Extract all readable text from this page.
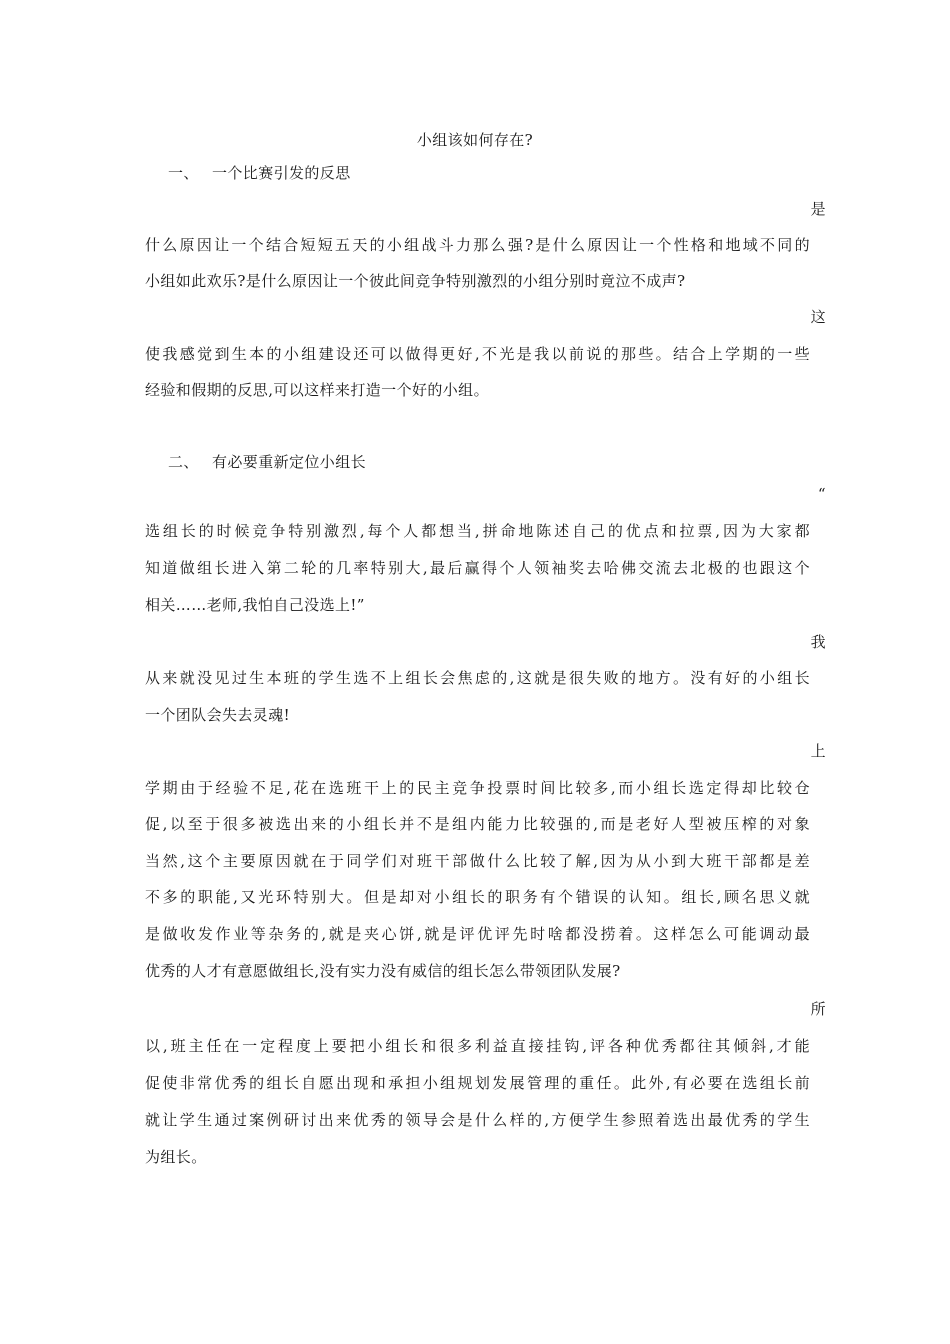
小组该如何存在?
一、 一个比赛引发的反思
是
什么原因让一个结合短短五天的小组战斗力那么强?是什么原因让一个性格和地域不同的
小组如此欢乐?是什么原因让一个彼此间竞争特别激烈的小组分别时竟泣不成声?
这
使我感觉到生本的小组建设还可以做得更好,不光是我以前说的那些。结合上学期的一些
经验和假期的反思,可以这样来打造一个好的小组。
二、 有必要重新定位小组长
“
选组长的时候竞争特别激烈,每个人都想当,拼命地陈述自己的优点和拉票,因为大家都
知道做组长进入第二轮的几率特别大,最后赢得个人领袖奖去哈佛交流去北极的也跟这个
相关……老师,我怕自己没选上!”
我
从来就没见过生本班的学生选不上组长会焦虑的,这就是很失败的地方。没有好的小组长
一个团队会失去灵魂!
上
学期由于经验不足,花在选班干上的民主竞争投票时间比较多,而小组长选定得却比较仓
促,以至于很多被选出来的小组长并不是组内能力比较强的,而是老好人型被压榨的对象
当然,这个主要原因就在于同学们对班干部做什么比较了解,因为从小到大班干部都是差
不多的职能,又光环特别大。但是却对小组长的职务有个错误的认知。组长,顾名思义就
是做收发作业等杂务的,就是夹心饼,就是评优评先时啥都没捞着。这样怎么可能调动最
优秀的人才有意愿做组长,没有实力没有威信的组长怎么带领团队发展?
所
以,班主任在一定程度上要把小组长和很多利益直接挂钩,评各种优秀都往其倾斜,才能
促使非常优秀的组长自愿出现和承担小组规划发展管理的重任。此外,有必要在选组长前
就让学生通过案例研讨出来优秀的领导会是什么样的,方便学生参照着选出最优秀的学生
为组长。
